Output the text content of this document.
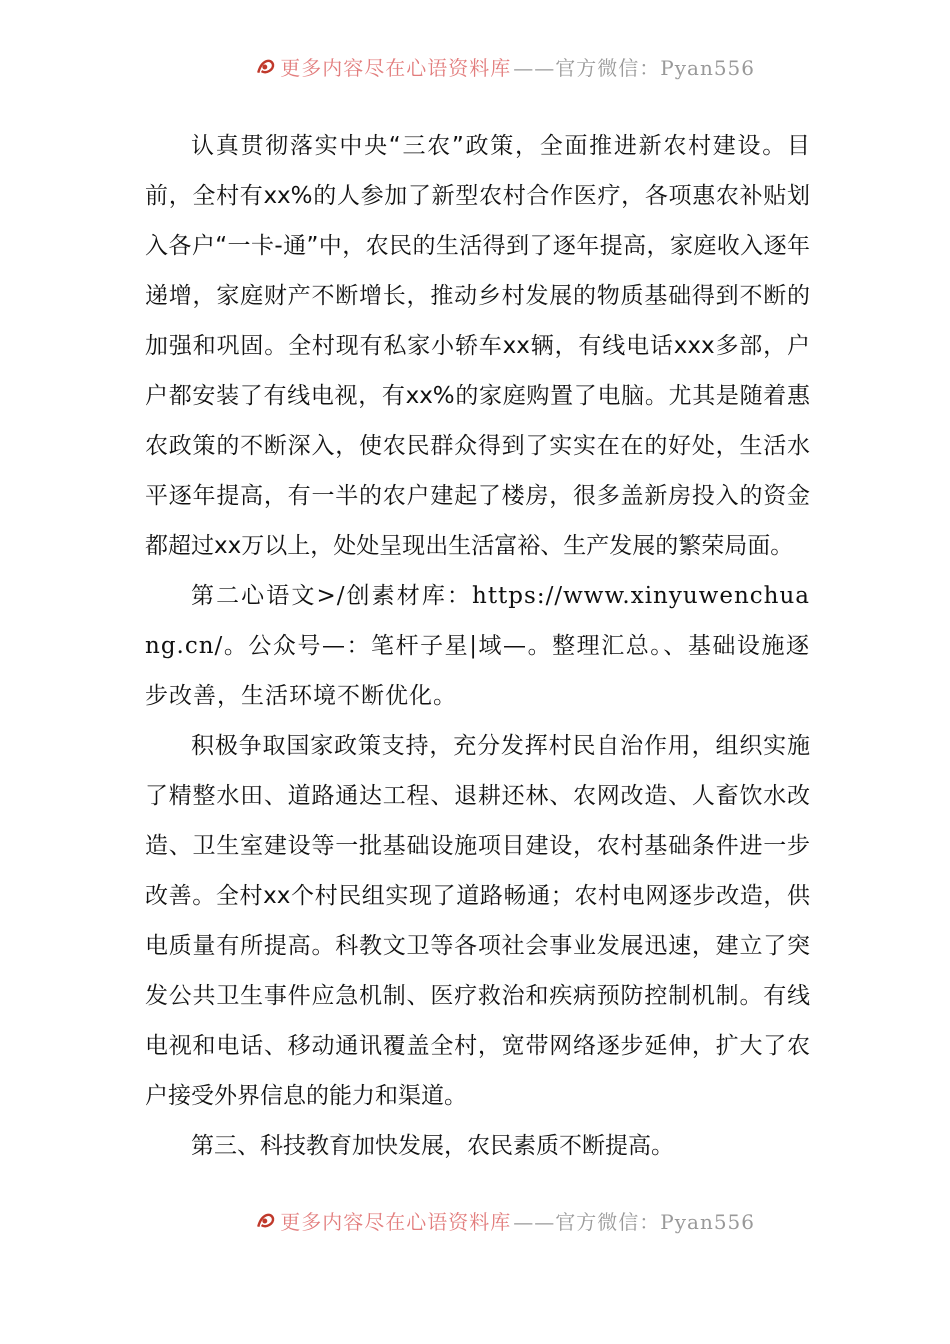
更多内容尽在心语资料库 ——官方微信：Pyan556

认真贯彻落实中央“三农”政策，全面推进新农村建设。目前，全村有xx%的人参加了新型农村合作医疗，各项惠农补贴划入各户“一卡-通”中，农民的生活得到了逐年提高，家庭收入逐年递增，家庭财产不断增长，推动乡村发展的物质基础得到不断的加强和巩固。全村现有私家小轿车xx辆，有线电话xxx多部，户户都安装了有线电视，有xx%的家庭购置了电脑。尤其是随着惠农政策的不断深入，使农民群众得到了实实在在的好处，生活水平逐年提高，有一半的农户建起了楼房，很多盖新房投入的资金都超过xx万以上，处处呈现出生活富裕、生产发展的繁荣局面。

第二心语文>/创素材库：https://www.xinyuwenchuang.cn/。公众号—：笔杆子星|域—。整理汇总。、基础设施逐步改善，生活环境不断优化。

积极争取国家政策支持，充分发挥村民自治作用，组织实施了精整水田、道路通达工程、退耕还林、农网改造、人畜饮水改造、卫生室建设等一批基础设施项目建设，农村基础条件进一步改善。全村xx个村民组实现了道路畅通；农村电网逐步改造，供电质量有所提高。科教文卫等各项社会事业发展迅速，建立了突发公共卫生事件应急机制、医疗救治和疾病预防控制机制。有线电视和电话、移动通讯覆盖全村，宽带网络逐步延伸，扩大了农户接受外界信息的能力和渠道。

第三、科技教育加快发展，农民素质不断提高。

更多内容尽在心语资料库 ——官方微信：Pyan556
